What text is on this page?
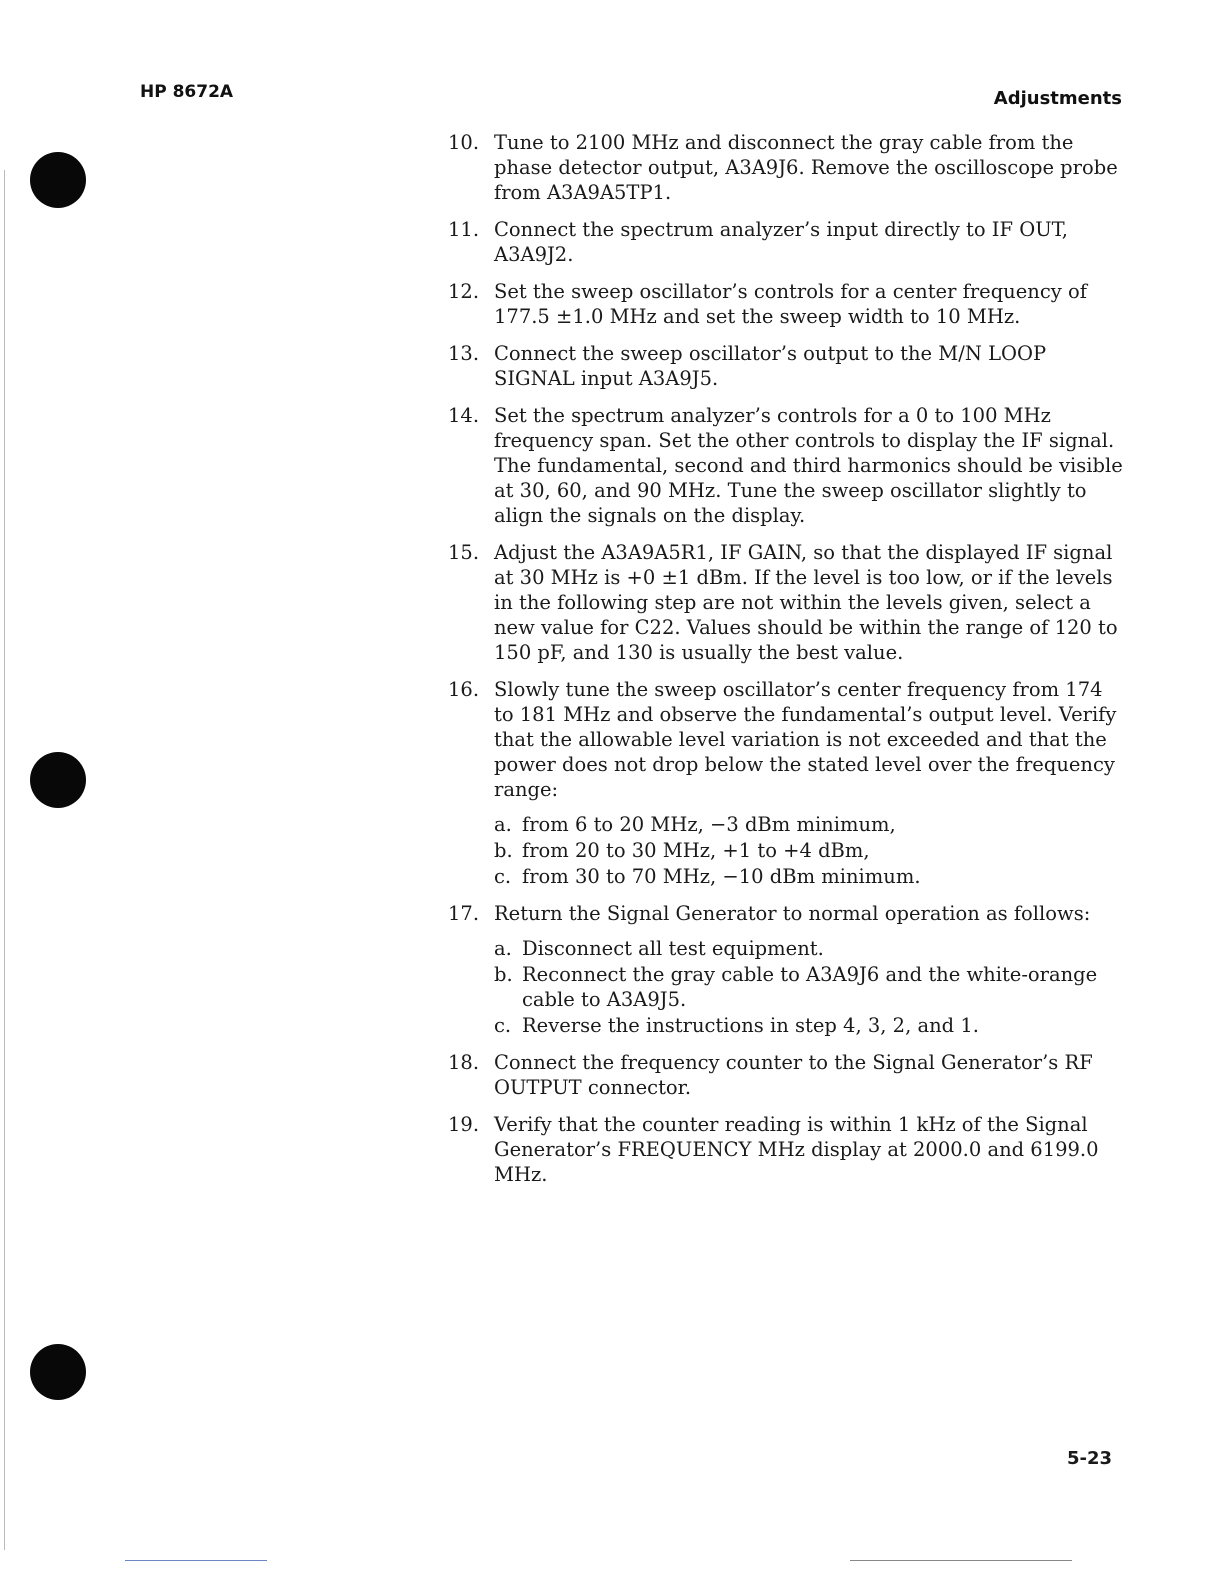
HP 8672A	Adjustments
10. Tune to 2100 MHz and disconnect the gray cable from the phase detector output, A3A9J6. Remove the oscilloscope probe from A3A9A5TP1.
11. Connect the spectrum analyzer’s input directly to IF OUT, A3A9J2.
12. Set the sweep oscillator’s controls for a center frequency of 177.5 ±1.0 MHz and set the sweep width to 10 MHz.
13. Connect the sweep oscillator’s output to the M/N LOOP SIGNAL input A3A9J5.
14. Set the spectrum analyzer’s controls for a 0 to 100 MHz frequency span. Set the other controls to display the IF signal. The fundamental, second and third harmonics should be visible at 30, 60, and 90 MHz. Tune the sweep oscillator slightly to align the signals on the display.
15. Adjust the A3A9A5R1, IF GAIN, so that the displayed IF signal at 30 MHz is +0 ±1 dBm. If the level is too low, or if the levels in the following step are not within the levels given, select a new value for C22. Values should be within the range of 120 to 150 pF, and 130 is usually the best value.
16. Slowly tune the sweep oscillator’s center frequency from 174 to 181 MHz and observe the fundamental’s output level. Verify that the allowable level variation is not exceeded and that the power does not drop below the stated level over the frequency range:
a. from 6 to 20 MHz, −3 dBm minimum,
b. from 20 to 30 MHz, +1 to +4 dBm,
c. from 30 to 70 MHz, −10 dBm minimum.
17. Return the Signal Generator to normal operation as follows:
a. Disconnect all test equipment.
b. Reconnect the gray cable to A3A9J6 and the white-orange cable to A3A9J5.
c. Reverse the instructions in step 4, 3, 2, and 1.
18. Connect the frequency counter to the Signal Generator’s RF OUTPUT connector.
19. Verify that the counter reading is within 1 kHz of the Signal Generator’s FREQUENCY MHz display at 2000.0 and 6199.0 MHz.
5-23
